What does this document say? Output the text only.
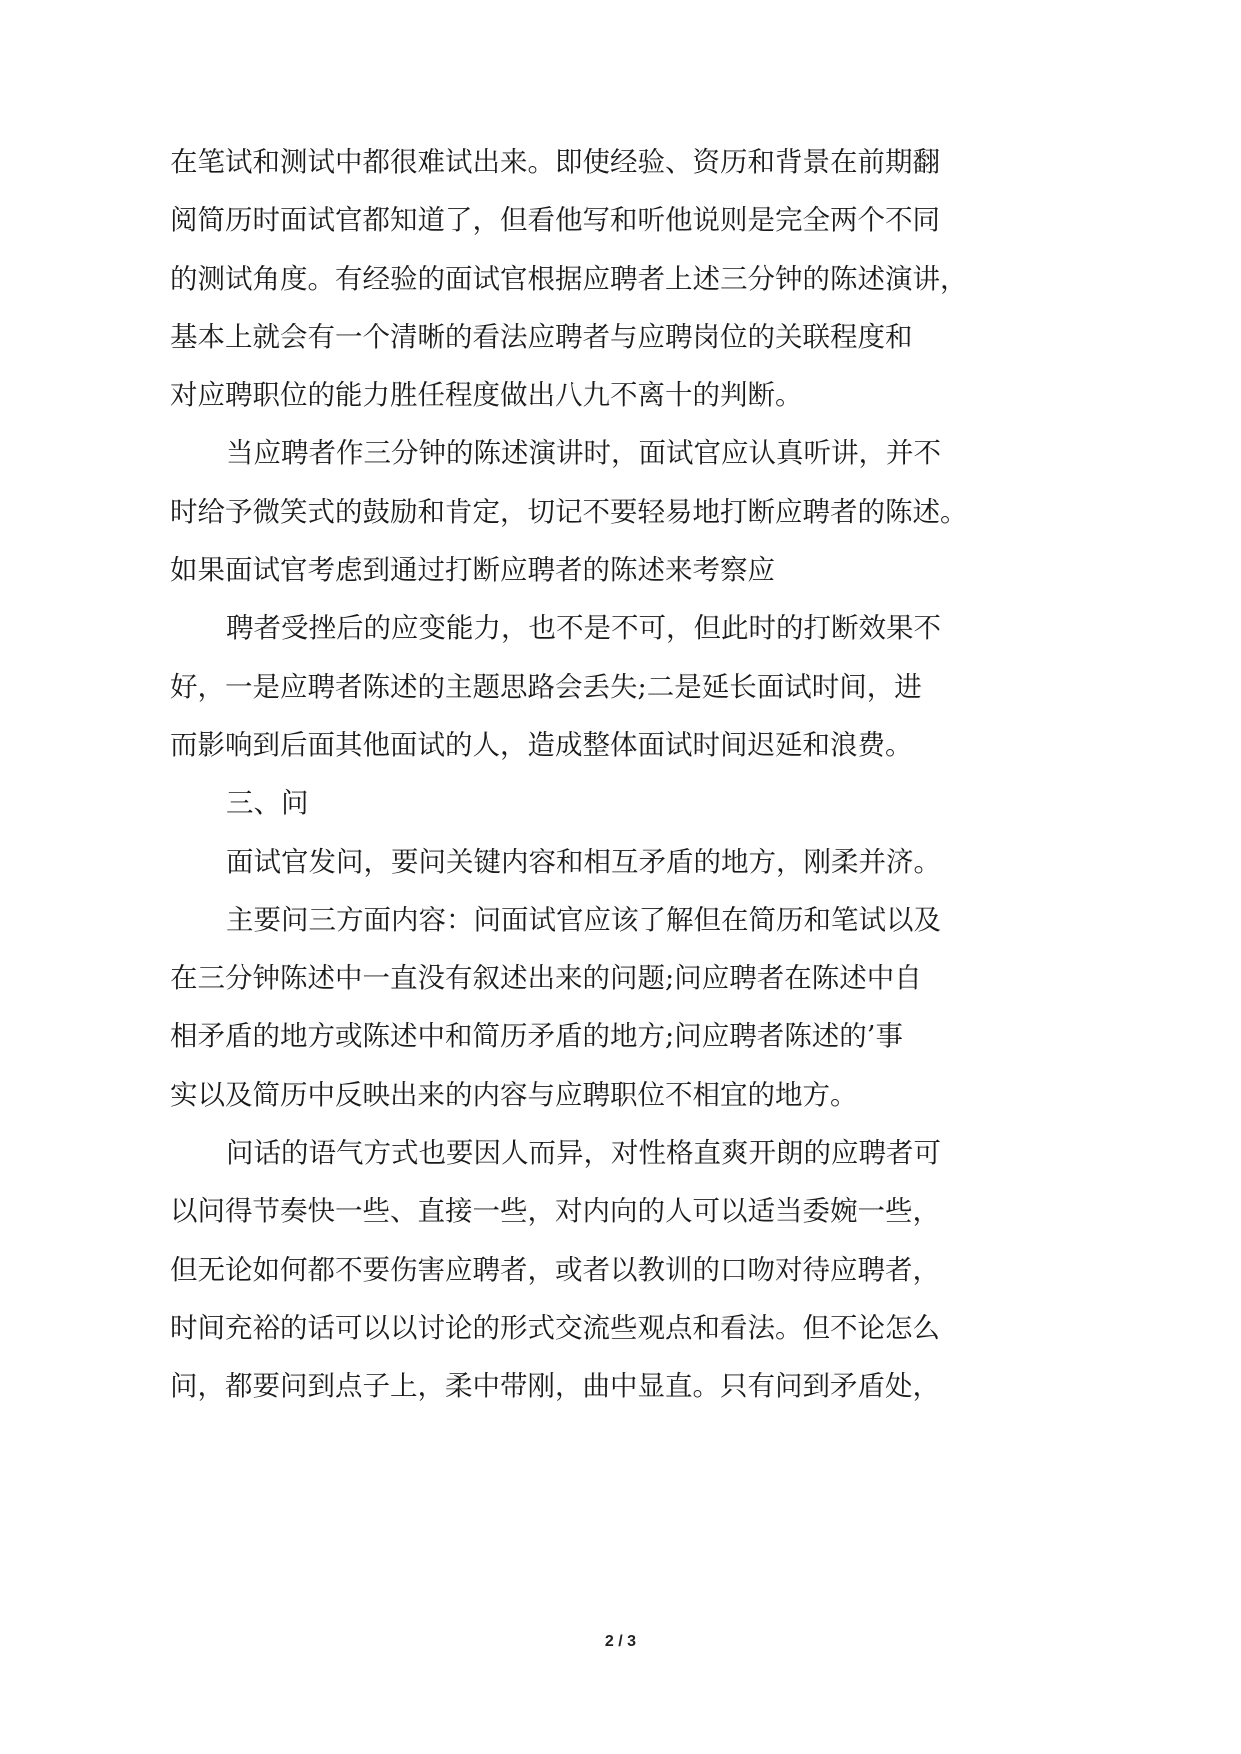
在笔试和测试中都很难试出来。即使经验、资历和背景在前期翻
阅简历时面试官都知道了，但看他写和听他说则是完全两个不同
的测试角度。有经验的面试官根据应聘者上述三分钟的陈述演讲，
基本上就会有一个清晰的看法应聘者与应聘岗位的关联程度和
对应聘职位的能力胜任程度做出八九不离十的判断。
当应聘者作三分钟的陈述演讲时，面试官应认真听讲，并不
时给予微笑式的鼓励和肯定，切记不要轻易地打断应聘者的陈述。
如果面试官考虑到通过打断应聘者的陈述来考察应
聘者受挫后的应变能力，也不是不可，但此时的打断效果不
好，一是应聘者陈述的主题思路会丢失;二是延长面试时间，进
而影响到后面其他面试的人，造成整体面试时间迟延和浪费。
三、问
面试官发问，要问关键内容和相互矛盾的地方，刚柔并济。
主要问三方面内容：问面试官应该了解但在简历和笔试以及
在三分钟陈述中一直没有叙述出来的问题;问应聘者在陈述中自
相矛盾的地方或陈述中和简历矛盾的地方;问应聘者陈述的’事
实以及简历中反映出来的内容与应聘职位不相宜的地方。
问话的语气方式也要因人而异，对性格直爽开朗的应聘者可
以问得节奏快一些、直接一些，对内向的人可以适当委婉一些，
但无论如何都不要伤害应聘者，或者以教训的口吻对待应聘者，
时间充裕的话可以以讨论的形式交流些观点和看法。但不论怎么
问，都要问到点子上，柔中带刚，曲中显直。只有问到矛盾处，
2 / 3
